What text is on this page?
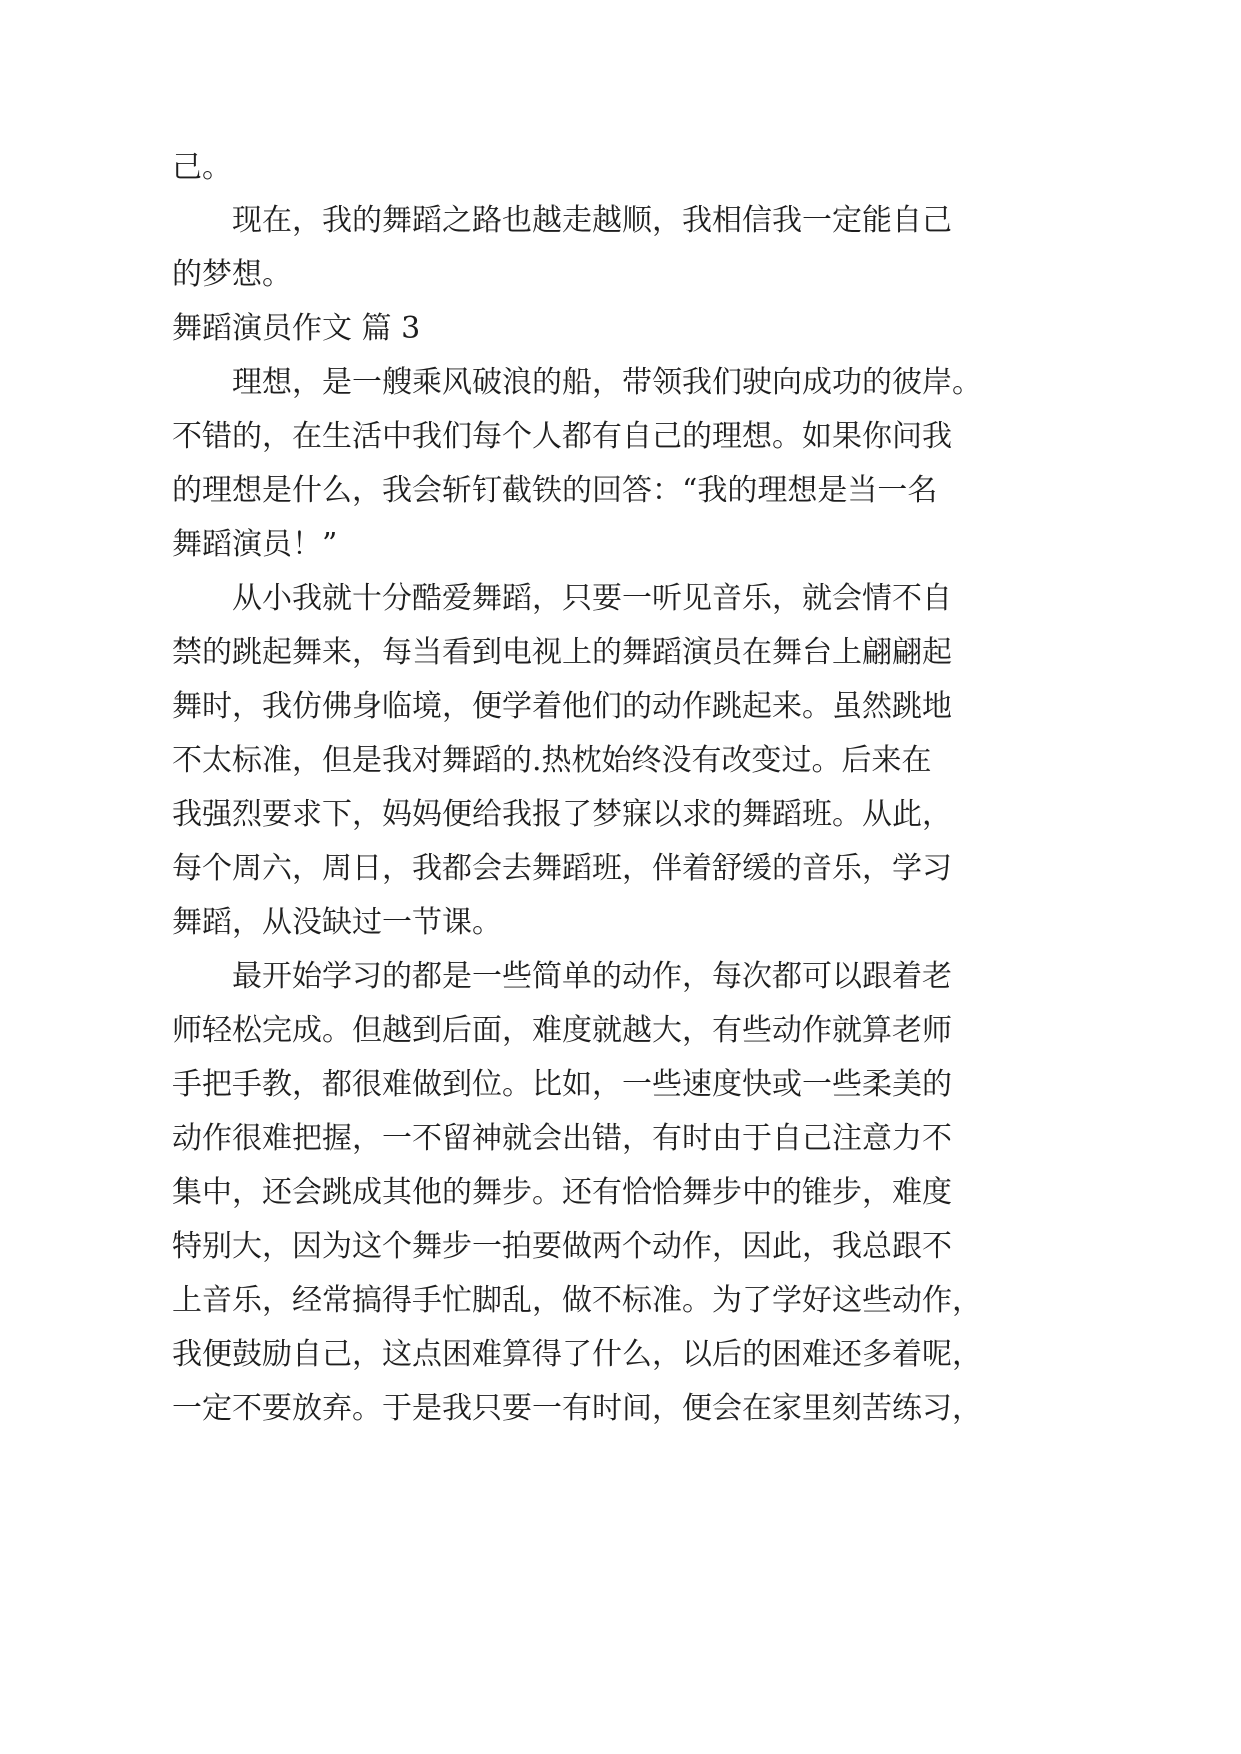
己。
现在，我的舞蹈之路也越走越顺，我相信我一定能自己
的梦想。
舞蹈演员作文 篇 3
理想，是一艘乘风破浪的船，带领我们驶向成功的彼岸。
不错的，在生活中我们每个人都有自己的理想。如果你问我
的理想是什么，我会斩钉截铁的回答：“我的理想是当一名
舞蹈演员！”
从小我就十分酷爱舞蹈，只要一听见音乐，就会情不自
禁的跳起舞来，每当看到电视上的舞蹈演员在舞台上翩翩起
舞时，我仿佛身临境，便学着他们的动作跳起来。虽然跳地
不太标准，但是我对舞蹈的.热枕始终没有改变过。后来在
我强烈要求下，妈妈便给我报了梦寐以求的舞蹈班。从此，
每个周六，周日，我都会去舞蹈班，伴着舒缓的音乐，学习
舞蹈，从没缺过一节课。
最开始学习的都是一些简单的动作，每次都可以跟着老
师轻松完成。但越到后面，难度就越大，有些动作就算老师
手把手教，都很难做到位。比如，一些速度快或一些柔美的
动作很难把握，一不留神就会出错，有时由于自己注意力不
集中，还会跳成其他的舞步。还有恰恰舞步中的锥步，难度
特别大，因为这个舞步一拍要做两个动作，因此，我总跟不
上音乐，经常搞得手忙脚乱，做不标准。为了学好这些动作，
我便鼓励自己，这点困难算得了什么，以后的困难还多着呢，
一定不要放弃。于是我只要一有时间，便会在家里刻苦练习，
